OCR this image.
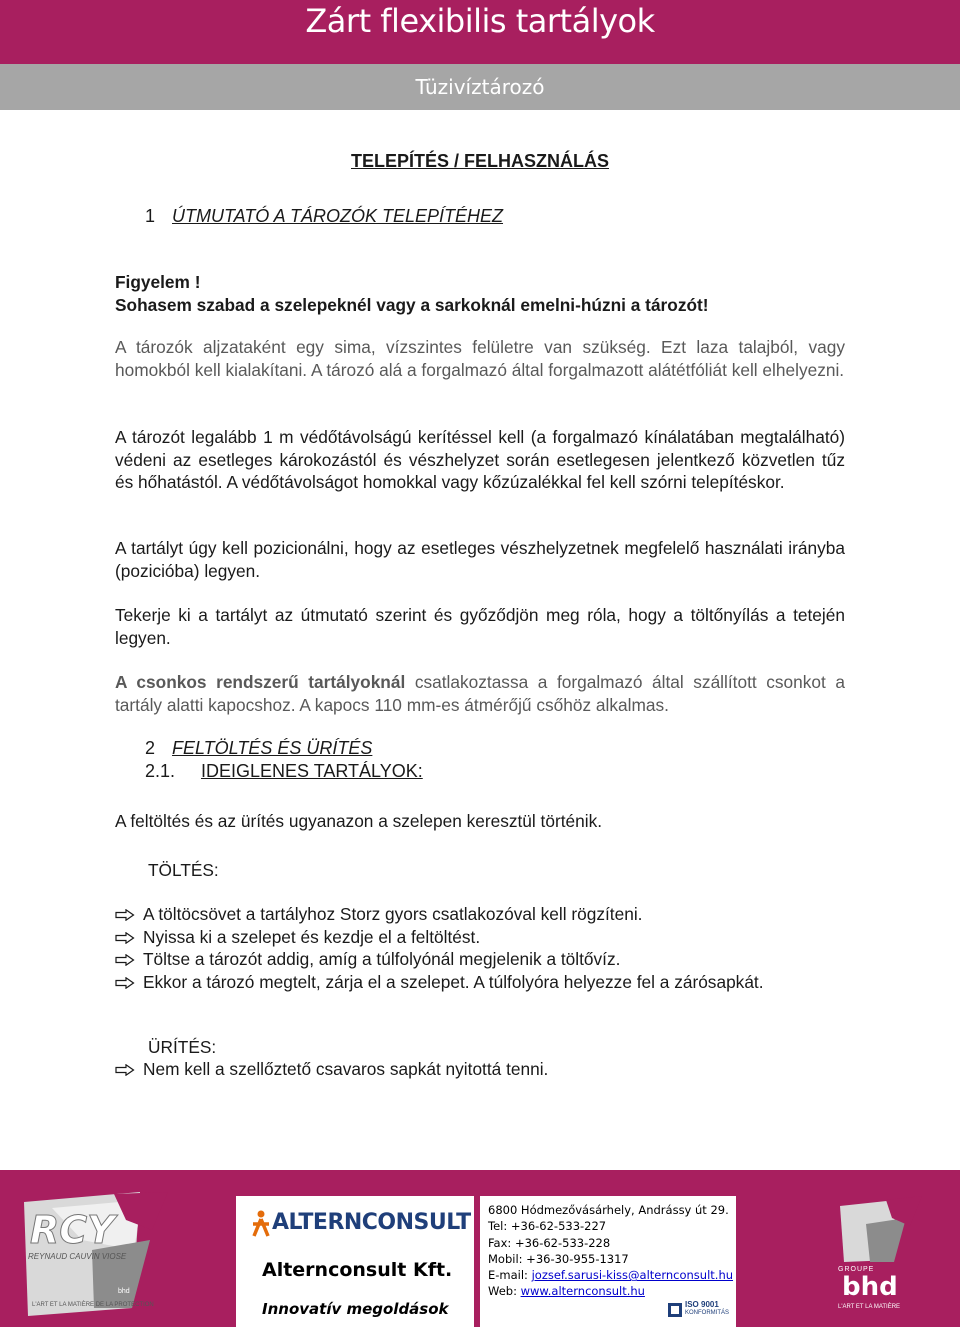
Zárt flexibilis tartályok
Tüzivíztározó
TELEPÍTÉS / FELHASZNÁLÁS
1 ÚTMUTATÓ A TÁROZÓK TELEPÍTÉHEZ
Figyelem !
Sohasem szabad a szelepeknél vagy a sarkoknál emelni-húzni a tározót!
A tározók aljzataként egy sima, vízszintes felületre van szükség. Ezt laza talajból, vagy homokból kell kialakítani. A tározó alá a forgalmazó által forgalmazott alátétfóliát kell elhelyezni.
A tározót legalább 1 m védőtávolságú kerítéssel kell (a forgalmazó kínálatában megtalálható) védeni az esetleges károkozástól és vészhelyzet során esetlegesen jelentkező közvetlen tűz és hőhatástól. A védőtávolságot homokkal vagy kőzúzalékkal fel kell szórni telepítéskor.
A tartályt úgy kell pozicionálni, hogy az esetleges vészhelyzetnek megfelelő használati irányba (pozicióba) legyen.
Tekerje ki a tartályt az útmutató szerint és győződjön meg róla, hogy a töltőnyílás a tetején legyen.
A csonkos rendszerű tartályoknál csatlakoztassa a forgalmazó által szállított csonkot a tartály alatti kapocshoz. A kapocs 110 mm-es átmérőjű csőhöz alkalmas.
2 FELTÖLTÉS ÉS ÜRÍTÉS
2.1. IDEIGLENES TARTÁLYOK:
A feltöltés és az ürítés ugyanazon a szelepen keresztül történik.
TÖLTÉS:
A töltöcsövet a tartályhoz Storz gyors csatlakozóval kell rögzíteni.
Nyissa ki a szelepet és kezdje el a feltöltést.
Töltse a tározót addig, amíg a túlfolyónál megjelenik a töltővíz.
Ekkor a tározó megtelt, zárja el a szelepet. A túlfolyóra helyezze fel a zárósapkát.
ÜRÍTÉS:
Nem kell a szellőztető csavaros sapkát nyitottá tenni.
RCY
REYNAUD CAUVIN VIOSE
bhd
L'ART ET LA MATIÈRE DE LA PROTECTION
ALTERNCONSULT
Alternconsult Kft.
Innovatív megoldások
6800 Hódmezővásárhely, Andrássy út 29.
Tel: +36-62-533-227
Fax: +36-62-533-228
Mobil: +36-30-955-1317
E-mail: jozsef.sarusi-kiss@alternconsult.hu
Web: www.alternconsult.hu
ISO 9001
KONFORMITÁS
GROUPE
bhd
L'ART ET LA MATIÈRE
